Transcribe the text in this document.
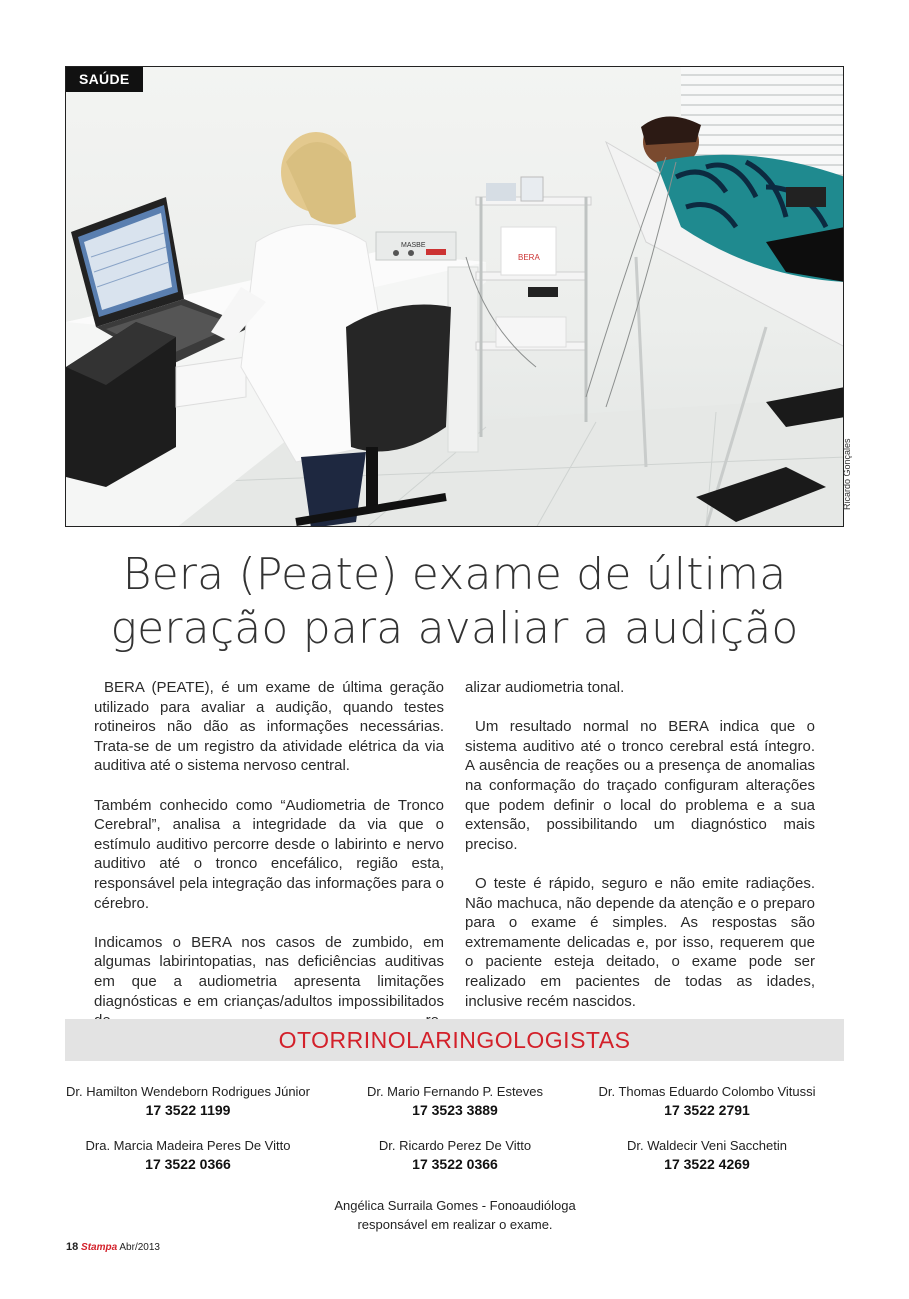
MASBE
BERA
SAÚDE
Ricardo Gonçales
Bera (Peate) exame de última
geração para avaliar a audição

BERA (PEATE), é um exame de última geração utilizado para avaliar a audição, quando testes rotineiros não dão as informações necessárias. Trata-se de um registro da atividade elétrica da via auditiva até o sistema nervoso central.

Também conhecido como “Audiometria de Tronco Cerebral”, analisa a integridade da via que o estímulo auditivo percorre desde o labirinto e nervo auditivo até o tronco encefálico, região esta, responsável pela integração das informações para o cérebro.

Indicamos o BERA nos casos de zumbido, em algumas labirintopatias, nas deficiências auditivas em que a audiometria apresenta limitações diagnósticas e em crianças/adultos impossibilitados

alizar audiometria tonal.

Um resultado normal no BERA indica que o sistema auditivo até o tronco cerebral está íntegro. A ausência de reações ou a presença de anomalias na conformação do traçado configuram alterações que podem definir o local do problema e a sua extensão, possibilitando um diagnóstico mais preciso.

O teste é rápido, seguro e não emite radiações. Não machuca, não depende da atenção e o preparo para o exame é simples. As respostas são extremamente delicadas e, por isso, requerem que o paciente esteja deitado, o exame pode ser realizado em pacientes de todas as idades, inclusive recém nascidos.

OTORRINOLARINGOLOGISTAS
Dr. Hamilton Wendeborn Rodrigues Júnior
17 3522 1199
Dr. Mario Fernando P. Esteves
17 3523 3889
Dr. Thomas Eduardo Colombo Vitussi
17 3522 2791
Dra. Marcia Madeira Peres De Vitto
17 3522 0366
Dr. Ricardo Perez De Vitto
17 3522 0366
Dr. Waldecir Veni Sacchetin
17 3522 4269
Angélica Surraila Gomes - Fonoaudióloga
responsável em realizar o exame.
18 Stampa Abr/2013
